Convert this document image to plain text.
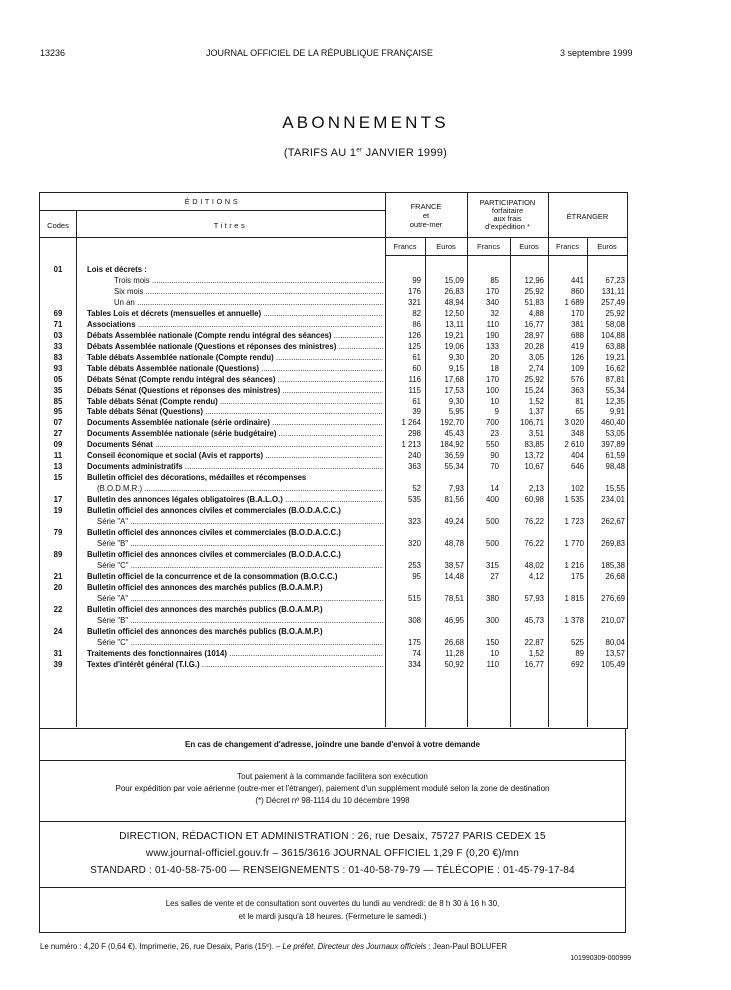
13236	JOURNAL OFFICIEL DE LA RÉPUBLIQUE FRANÇAISE	3 septembre 1999
ABONNEMENTS
(TARIFS AU 1er JANVIER 1999)
ÉDITIONS
Codes	Titres
FRANCE
et
outre-mer
PARTICIPATION
forfaitaire
aux frais
d'expédition *
ÉTRANGER
Francs	Euros	Francs	Euros	Francs	Euros
01	Lois et décrets :
Trois mois .....	99	15,09	85	12,96	441	67,23
Six mois .....	176	26,83	170	25,92	860	131,11
Un an .....	321	48,94	340	51,83	1 689	257,49
69	Tables Lois et décrets (mensuelles et annuelle) .....	82	12,50	32	4,88	170	25,92
71	Associations .....	86	13,11	110	16,77	381	58,08
03	Débats Assemblée nationale (Compte rendu intégral des séances) .....	126	19,21	190	28,97	688	104,88
33	Débats Assemblée nationale (Questions et réponses des ministres) .....	125	19,06	133	20,28	419	63,88
83	Table débats Assemblée nationale (Compte rendu) .....	61	9,30	20	3,05	126	19,21
93	Table débats Assemblée nationale (Questions) .....	60	9,15	18	2,74	109	16,62
05	Débats Sénat (Compte rendu intégral des séances) .....	116	17,68	170	25,92	576	87,81
35	Débats Sénat (Questions et réponses des ministres) .....	115	17,53	100	15,24	363	55,34
85	Table débats Sénat (Compte rendu) .....	61	9,30	10	1,52	81	12,35
95	Table débats Sénat (Questions) .....	39	5,95	9	1,37	65	9,91
07	Documents Assemblée nationale (série ordinaire) .....	1 264	192,70	700	106,71	3 020	460,40
27	Documents Assemblée nationale (série budgétaire) .....	298	45,43	23	3,51	348	53,05
09	Documents Sénat .....	1 213	184,92	550	83,85	2 610	397,89
11	Conseil économique et social (Avis et rapports) .....	240	36,59	90	13,72	404	61,59
13	Documents administratifs .....	363	55,34	70	10,67	646	98,48
15	Bulletin officiel des décorations, médailles et récompenses
(B.O.D.M.R.) .....	52	7,93	14	2,13	102	15,55
17	Bulletin des annonces légales obligatoires (B.A.L.O.) .....	535	81,56	400	60,98	1 535	234,01
19	Bulletin officiel des annonces civiles et commerciales (B.O.D.A.C.C.)
Série "A" .....	323	49,24	500	76,22	1 723	262,67
79	Bulletin officiel des annonces civiles et commerciales (B.O.D.A.C.C.)
Série "B" .....	320	48,78	500	76,22	1 770	269,83
89	Bulletin officiel des annonces civiles et commerciales (B.O.D.A.C.C.)
Série "C" .....	253	38,57	315	48,02	1 216	185,38
21	Bulletin officiel de la concurrence et de la consommation (B.O.C.C.)	95	14,48	27	4,12	175	26,68
20	Bulletin officiel des annonces des marchés publics (B.O.A.M.P.)
Série "A" .....	515	78,51	380	57,93	1 815	276,69
22	Bulletin officiel des annonces des marchés publics (B.O.A.M.P.)
Série "B" .....	308	46,95	300	45,73	1 378	210,07
24	Bulletin officiel des annonces des marchés publics (B.O.A.M.P.)
Série "C" .....	175	26,68	150	22,87	525	80,04
31	Traitements des fonctionnaires (1014) .....	74	11,28	10	1,52	89	13,57
39	Textes d'intérêt général (T.I.G.) .....	334	50,92	110	16,77	692	105,49
En cas de changement d'adresse, joindre une bande d'envoi à votre demande
Tout paiement à la commande facilitera son exécution
Pour expédition par voie aérienne (outre-mer et l'étranger), paiement d'un supplément modulé selon la zone de destination
(*) Décret nº 98-1114 du 10 décembre 1998
DIRECTION, RÉDACTION ET ADMINISTRATION : 26, rue Desaix, 75727 PARIS CEDEX 15
www.journal-officiel.gouv.fr – 3615/3616 JOURNAL OFFICIEL 1,29 F (0,20 €)/mn
STANDARD : 01-40-58-75-00 — RENSEIGNEMENTS : 01-40-58-79-79 — TÉLÉCOPIE : 01-45-79-17-84
Les salles de vente et de consultation sont ouvertes du lundi au vendredi: de 8 h 30 à 16 h 30,
et le mardi jusqu'à 18 heures. (Fermeture le samedi.)
Le numéro : 4,20 F (0,64 €). Imprimerie, 26, rue Desaix, Paris (15ᵉ). – Le préfet, Directeur des Journaux officiels : Jean-Paul BOLUFER
101990309-000999
